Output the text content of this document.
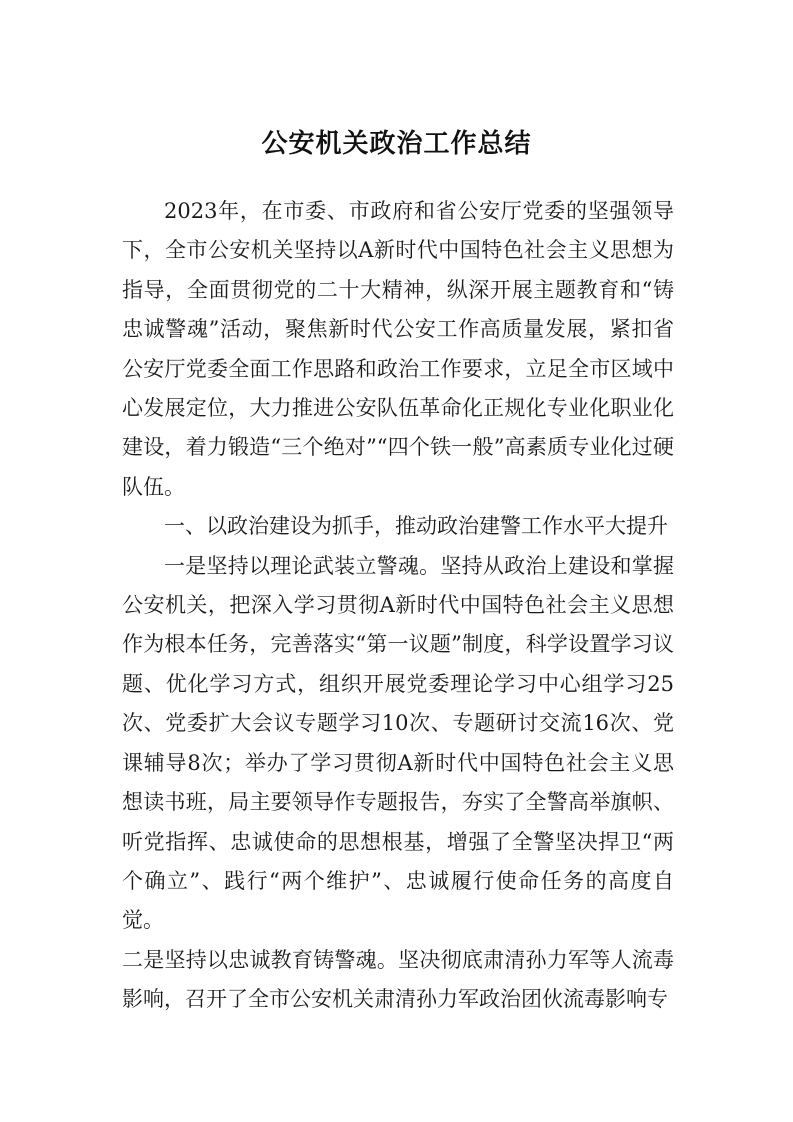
公安机关政治工作总结

2023年，在市委、市政府和省公安厅党委的坚强领导下，全市公安机关坚持以A新时代中国特色社会主义思想为指导，全面贯彻党的二十大精神，纵深开展主题教育和“铸忠诚警魂”活动，聚焦新时代公安工作高质量发展，紧扣省公安厅党委全面工作思路和政治工作要求，立足全市区域中心发展定位，大力推进公安队伍革命化正规化专业化职业化建设，着力锻造“三个绝对”“四个铁一般”高素质专业化过硬队伍。

一、以政治建设为抓手，推动政治建警工作水平大提升

一是坚持以理论武装立警魂。坚持从政治上建设和掌握公安机关，把深入学习贯彻A新时代中国特色社会主义思想作为根本任务，完善落实“第一议题”制度，科学设置学习议题、优化学习方式，组织开展党委理论学习中心组学习25次、党委扩大会议专题学习10次、专题研讨交流16次、党课辅导8次；举办了学习贯彻A新时代中国特色社会主义思想读书班，局主要领导作专题报告，夯实了全警高举旗帜、听党指挥、忠诚使命的思想根基，增强了全警坚决捍卫“两个确立”、践行“两个维护”、忠诚履行使命任务的高度自觉。

二是坚持以忠诚教育铸警魂。坚决彻底肃清孙力军等人流毒影响，召开了全市公安机关肃清孙力军政治团伙流毒影响专
